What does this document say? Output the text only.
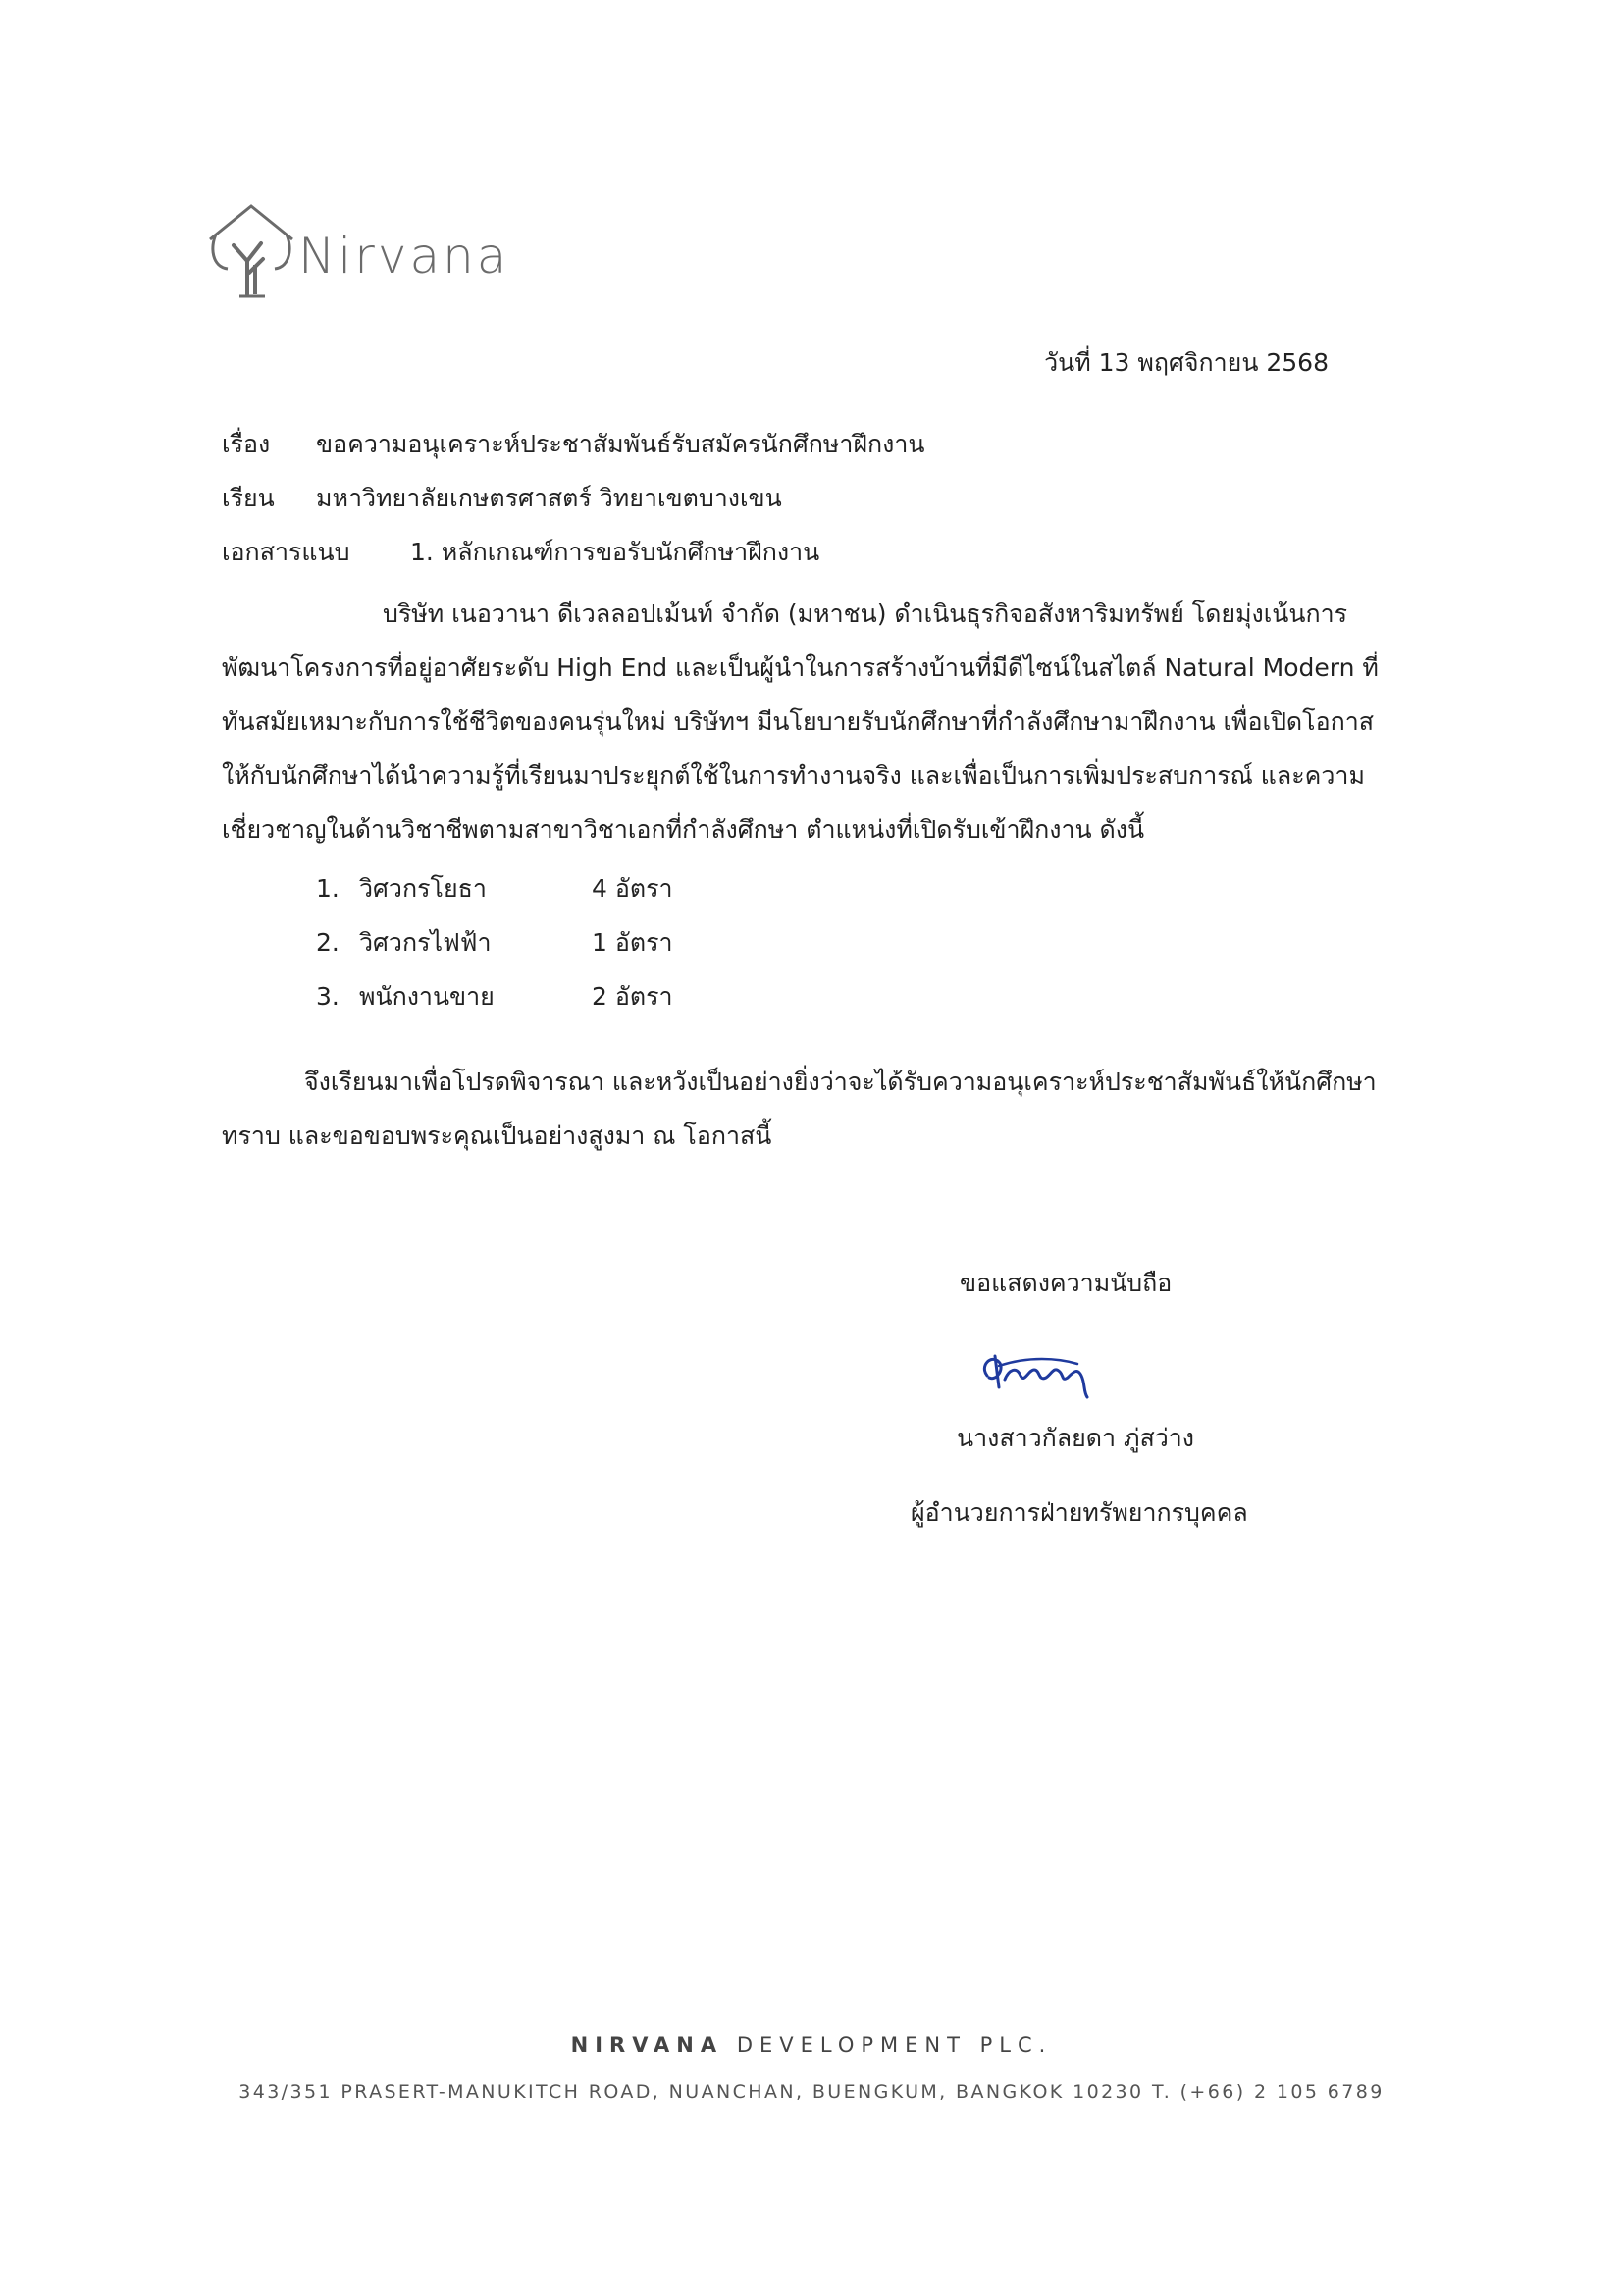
Nirvana
วันที่ 13 พฤศจิกายน 2568
เรื่อง ขอความอนุเคราะห์ประชาสัมพันธ์รับสมัครนักศึกษาฝึกงาน
เรียน มหาวิทยาลัยเกษตรศาสตร์ วิทยาเขตบางเขน
เอกสารแนบ 1. หลักเกณฑ์การขอรับนักศึกษาฝึกงาน
บริษัท เนอวานา ดีเวลลอปเม้นท์ จำกัด (มหาชน) ดำเนินธุรกิจอสังหาริมทรัพย์ โดยมุ่งเน้นการ
พัฒนาโครงการที่อยู่อาศัยระดับ High End และเป็นผู้นำในการสร้างบ้านที่มีดีไซน์ในสไตล์ Natural Modern ที่
ทันสมัยเหมาะกับการใช้ชีวิตของคนรุ่นใหม่ บริษัทฯ มีนโยบายรับนักศึกษาที่กำลังศึกษามาฝึกงาน เพื่อเปิดโอกาส
ให้กับนักศึกษาได้นำความรู้ที่เรียนมาประยุกต์ใช้ในการทำงานจริง และเพื่อเป็นการเพิ่มประสบการณ์ และความ
เชี่ยวชาญในด้านวิชาชีพตามสาขาวิชาเอกที่กำลังศึกษา ตำแหน่งที่เปิดรับเข้าฝึกงาน ดังนี้
1. วิศวกรโยธา	4 อัตรา
2. วิศวกรไฟฟ้า	1 อัตรา
3. พนักงานขาย	2 อัตรา
จึงเรียนมาเพื่อโปรดพิจารณา และหวังเป็นอย่างยิ่งว่าจะได้รับความอนุเคราะห์ประชาสัมพันธ์ให้นักศึกษา
ทราบ และขอขอบพระคุณเป็นอย่างสูงมา ณ โอกาสนี้
ขอแสดงความนับถือ
นางสาวกัลยดา ภู่สว่าง
ผู้อำนวยการฝ่ายทรัพยากรบุคคล
NIRVANA DEVELOPMENT PLC.
343/351 PRASERT-MANUKITCH ROAD, NUANCHAN, BUENGKUM, BANGKOK 10230 T. (+66) 2 105 6789
